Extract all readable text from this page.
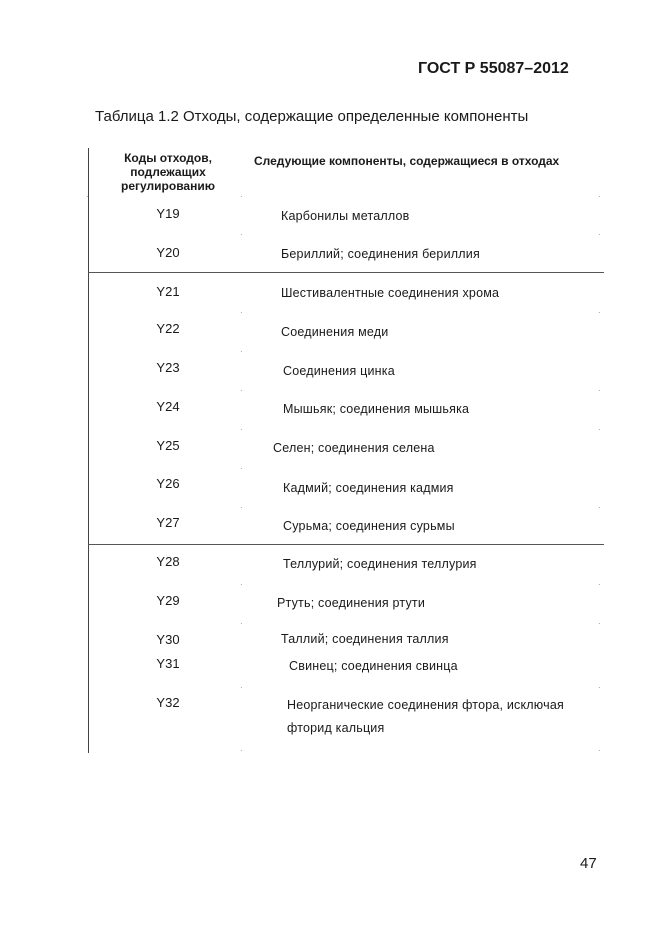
ГОСТ Р 55087–2012
Таблица 1.2 Отходы, содержащие определенные компоненты
Коды отходов, подлежащих регулированию
Следующие компоненты, содержащиеся в отходах
Y19	Карбонилы металлов
Y20	Бериллий; соединения бериллия
Y21	Шестивалентные соединения хрома
Y22	Соединения меди
Y23	Соединения цинка
Y24	Мышьяк; соединения мышьяка
Y25	Селен; соединения селена
Y26	Кадмий; соединения кадмия
Y27	Сурьма; соединения сурьмы
Y28	Теллурий; соединения теллурия
Y29	Ртуть; соединения ртути
Y30	Таллий; соединения таллия
Y31	Свинец; соединения свинца
Y32	Неорганические соединения фтора, исключая фторид кальция
·	·	·
·	·
·	·
·
·	·
·	·
·
·	·
·	·
·	·
·	·
·	·
47
